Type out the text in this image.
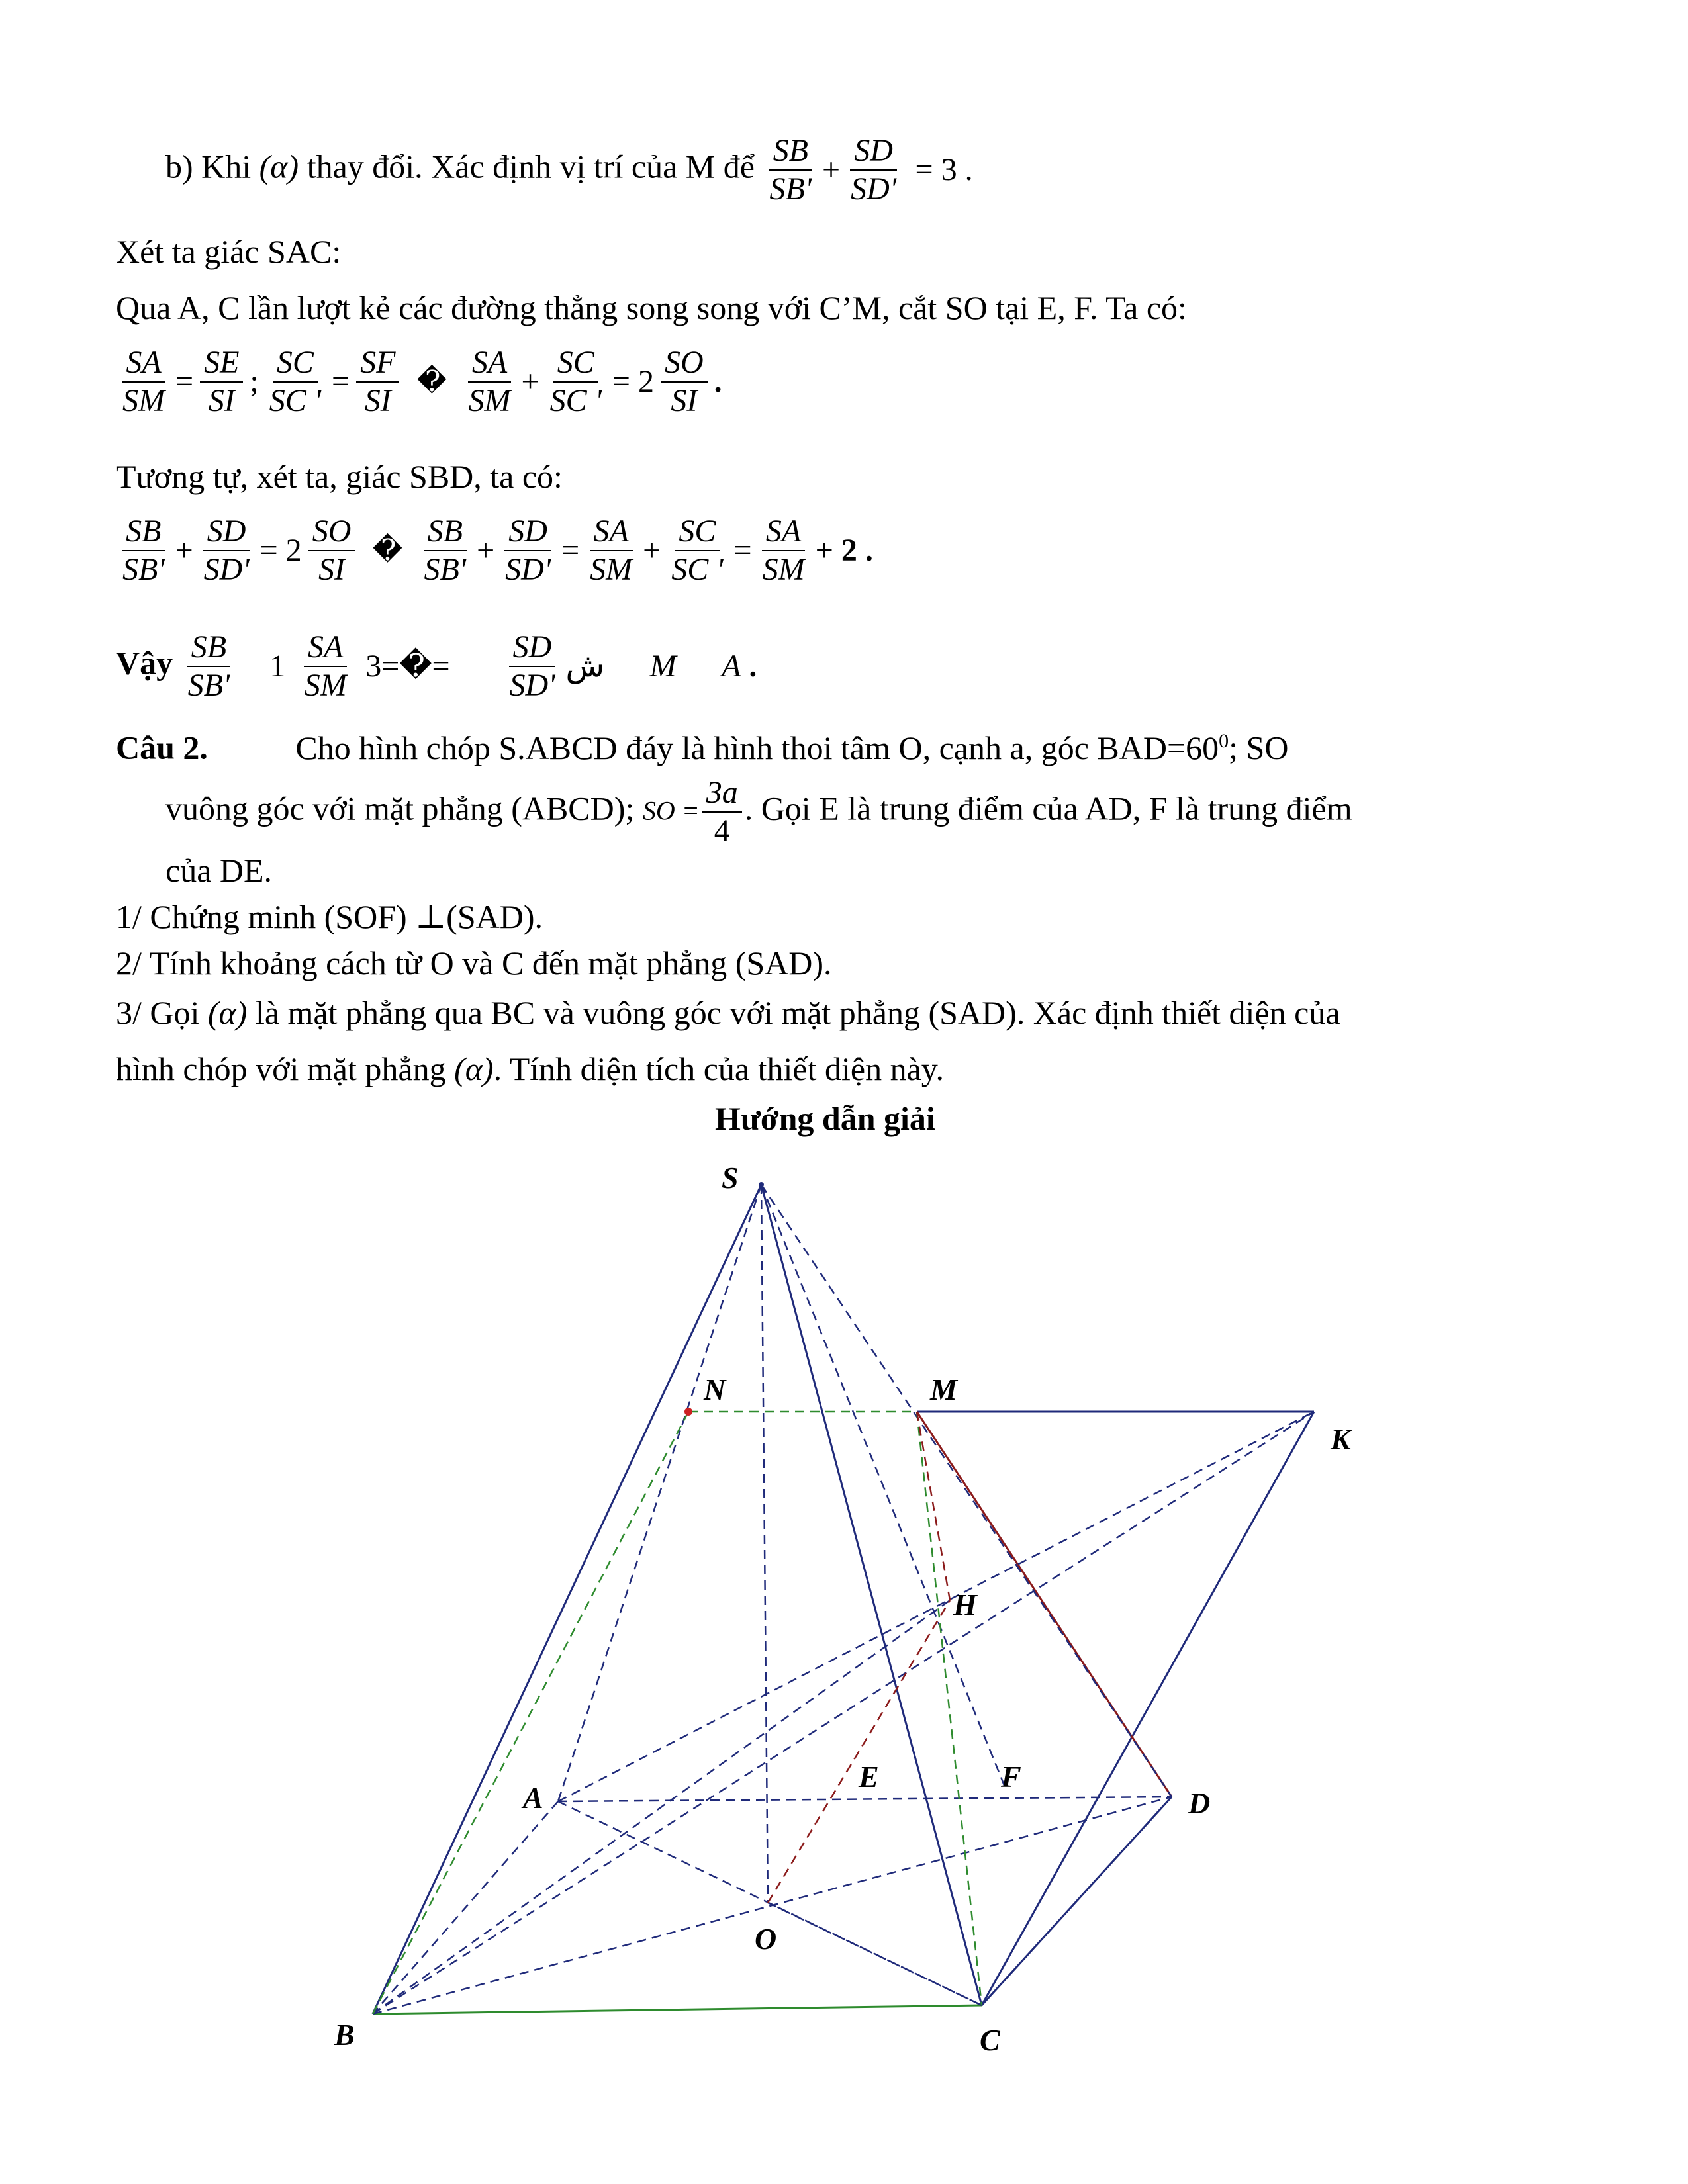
b) Khi (α) thay đổi. Xác định vị trí của M để $\frac{SB}{SB'} + \frac{SD}{SD'} = 3$ .
Xét ta giác SAC:
Qua A, C lần lượt kẻ các đường thẳng song song với C’M, cắt SO tại E, F. Ta có:
$\frac{SA}{SM} = \frac{SE}{SI}$ ; $\frac{SC}{SC '} = \frac{SF}{SI}$ � $\frac{SA}{SM} + \frac{SC}{SC '} = 2 \frac{SO}{SI}$ .
Tương tự, xét ta, giác SBD, ta có:
$\frac{SB}{SB'} + \frac{SD}{SD'} = 2 \frac{SO}{SI}$ � $\frac{SB}{SB'} + \frac{SD}{SD'} = \frac{SA}{SM} + \frac{SC}{SC '} = \frac{SA}{SM} + 2$ .
Vậy $\frac{SB}{SB'}$	ش
$\frac{SD}{SD'}$
=�=3
$\frac{SA}{SM}$
1	M A .
Câu 2.	Cho hình chóp S.ABCD đáy là hình thoi tâm O, cạnh a, góc $BAD=60^0$; SO
vuông góc với mặt phẳng (ABCD); SO = $\frac{3a}{4}$ . Gọi E là trung điểm của AD, F là trung điểm
của DE.
1/ Chứng minh (SOF) ⊥(SAD).
2/ Tính khoảng cách từ O và C đến mặt phẳng (SAD).
3/ Gọi (α) là mặt phẳng qua BC và vuông góc với mặt phẳng (SAD). Xác định thiết diện của
hình chóp với mặt phẳng (α). Tính diện tích của thiết diện này.
Hướng dẫn giải
S
N	M
K
H
E	F
A	D
O
B	C
